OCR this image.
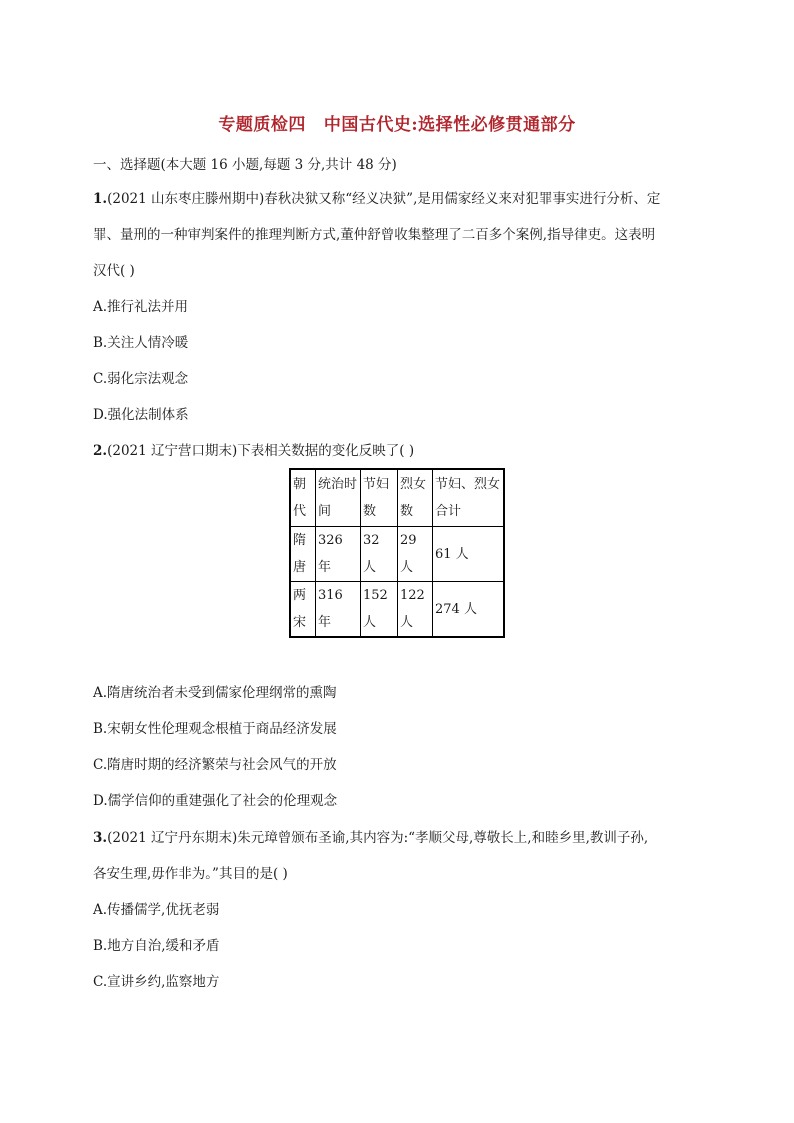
专题质检四 中国古代史:选择性必修贯通部分
一、选择题(本大题 16 小题,每题 3 分,共计 48 分)
1.(2021 山东枣庄滕州期中)春秋决狱又称“经义决狱”,是用儒家经义来对犯罪事实进行分析、定
罪、量刑的一种审判案件的推理判断方式,董仲舒曾收集整理了二百多个案例,指导律吏。这表明
汉代( )
A.推行礼法并用
B.关注人情冷暖
C.弱化宗法观念
D.强化法制体系
2.(2021 辽宁营口期末)下表相关数据的变化反映了( )
朝代	统治时间	节妇数	烈女数	节妇、烈女合计
隋唐	326 年	32 人	29 人	61 人
两宋	316 年	152 人	122 人	274 人
A.隋唐统治者未受到儒家伦理纲常的熏陶
B.宋朝女性伦理观念根植于商品经济发展
C.隋唐时期的经济繁荣与社会风气的开放
D.儒学信仰的重建强化了社会的伦理观念
3.(2021 辽宁丹东期末)朱元璋曾颁布圣谕,其内容为:“孝顺父母,尊敬长上,和睦乡里,教训子孙,
各安生理,毋作非为。”其目的是( )
A.传播儒学,优抚老弱
B.地方自治,缓和矛盾
C.宣讲乡约,监察地方
